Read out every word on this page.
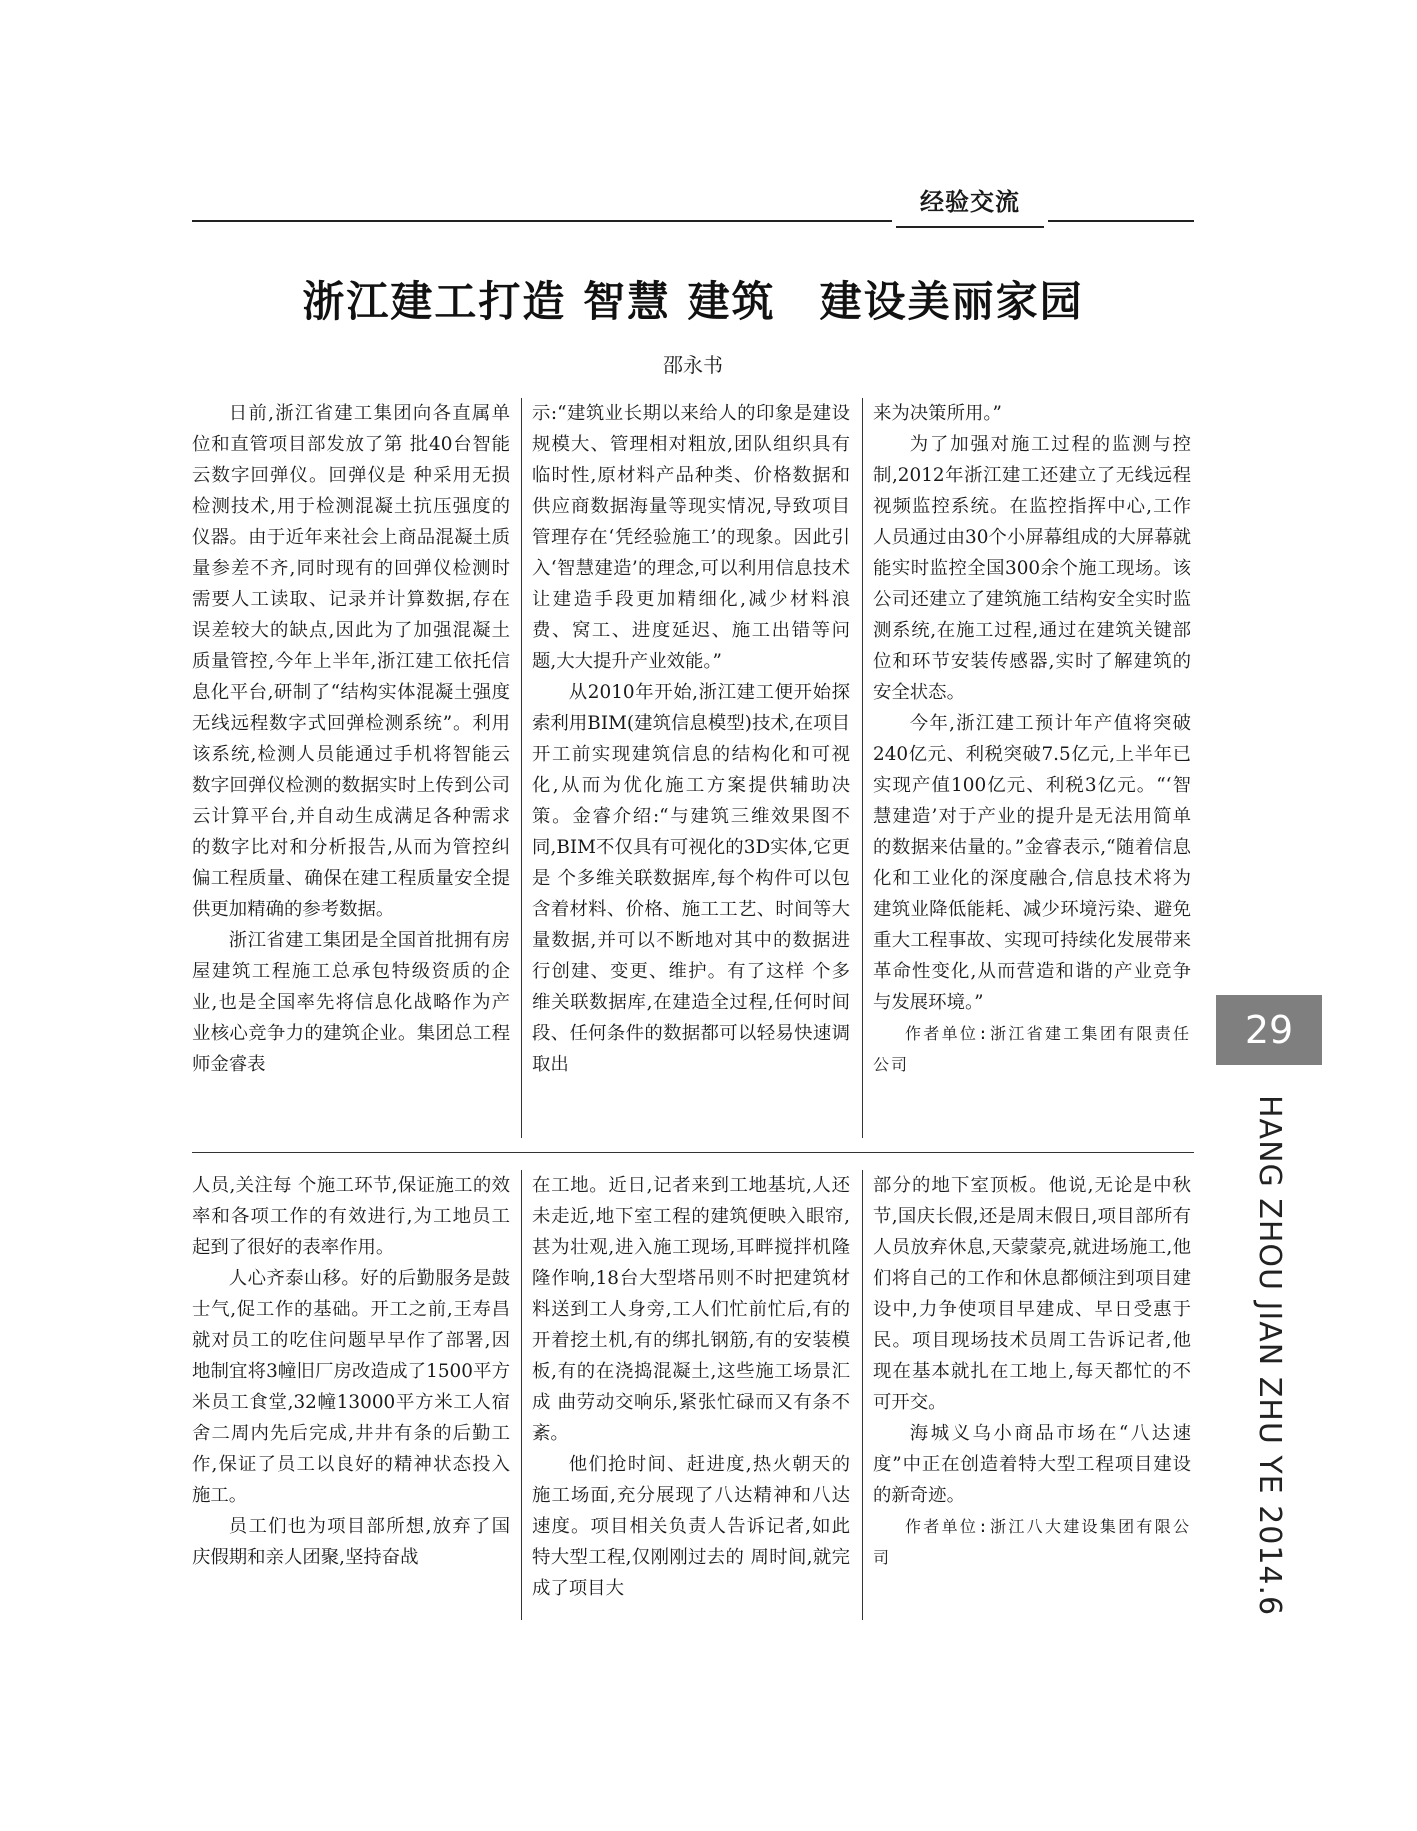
经验交流
浙江建工打造 智慧 建筑　建设美丽家园
邵永书

日前,浙江省建工集团向各直属单位和直管项目部发放了第 批40台智能云数字回弹仪。回弹仪是 种采用无损检测技术,用于检测混凝土抗压强度的仪器。由于近年来社会上商品混凝土质量参差不齐,同时现有的回弹仪检测时需要人工读取、记录并计算数据,存在误差较大的缺点,因此为了加强混凝土质量管控,今年上半年,浙江建工依托信息化平台,研制了“结构实体混凝土强度无线远程数字式回弹检测系统”。利用该系统,检测人员能通过手机将智能云数字回弹仪检测的数据实时上传到公司云计算平台,并自动生成满足各种需求的数字比对和分析报告,从而为管控纠偏工程质量、确保在建工程质量安全提供更加精确的参考数据。

浙江省建工集团是全国首批拥有房屋建筑工程施工总承包特级资质的企业,也是全国率先将信息化战略作为产业核心竞争力的建筑企业。集团总工程师金睿表

示:“建筑业长期以来给人的印象是建设规模大、管理相对粗放,团队组织具有临时性,原材料产品种类、价格数据和供应商数据海量等现实情况,导致项目管理存在‘凭经验施工’的现象。因此引入‘智慧建造’的理念,可以利用信息技术让建造手段更加精细化,减少材料浪费、窝工、进度延迟、施工出错等问题,大大提升产业效能。”

从2010年开始,浙江建工便开始探索利用BIM(建筑信息模型)技术,在项目开工前实现建筑信息的结构化和可视化,从而为优化施工方案提供辅助决策。金睿介绍:“与建筑三维效果图不同,BIM不仅具有可视化的3D实体,它更是 个多维关联数据库,每个构件可以包含着材料、价格、施工工艺、时间等大量数据,并可以不断地对其中的数据进行创建、变更、维护。有了这样 个多维关联数据库,在建造全过程,任何时间段、任何条件的数据都可以轻易快速调取出

来为决策所用。”

为了加强对施工过程的监测与控制,2012年浙江建工还建立了无线远程视频监控系统。在监控指挥中心,工作人员通过由30个小屏幕组成的大屏幕就能实时监控全国300余个施工现场。该公司还建立了建筑施工结构安全实时监测系统,在施工过程,通过在建筑关键部位和环节安装传感器,实时了解建筑的安全状态。

今年,浙江建工预计年产值将突破240亿元、利税突破7.5亿元,上半年已实现产值100亿元、利税3亿元。“‘智慧建造’对于产业的提升是无法用简单的数据来估量的。”金睿表示,“随着信息化和工业化的深度融合,信息技术将为建筑业降低能耗、减少环境污染、避免重大工程事故、实现可持续化发展带来革命性变化,从而营造和谐的产业竞争与发展环境。”

作者单位:浙江省建工集团有限责任公司

人员,关注每 个施工环节,保证施工的效率和各项工作的有效进行,为工地员工起到了很好的表率作用。

人心齐泰山移。好的后勤服务是鼓士气,促工作的基础。开工之前,王寿昌就对员工的吃住问题早早作了部署,因地制宜将3幢旧厂房改造成了1500平方米员工食堂,32幢13000平方米工人宿舍二周内先后完成,井井有条的后勤工作,保证了员工以良好的精神状态投入施工。

员工们也为项目部所想,放弃了国庆假期和亲人团聚,坚持奋战

在工地。近日,记者来到工地基坑,人还未走近,地下室工程的建筑便映入眼帘,甚为壮观,进入施工现场,耳畔搅拌机隆隆作响,18台大型塔吊则不时把建筑材料送到工人身旁,工人们忙前忙后,有的开着挖土机,有的绑扎钢筋,有的安装模板,有的在浇捣混凝土,这些施工场景汇成 曲劳动交响乐,紧张忙碌而又有条不紊。

他们抢时间、赶进度,热火朝天的施工场面,充分展现了八达精神和八达速度。项目相关负责人告诉记者,如此特大型工程,仅刚刚过去的 周时间,就完成了项目大

部分的地下室顶板。他说,无论是中秋节,国庆长假,还是周末假日,项目部所有人员放弃休息,天蒙蒙亮,就进场施工,他们将自己的工作和休息都倾注到项目建设中,力争使项目早建成、早日受惠于民。项目现场技术员周工告诉记者,他现在基本就扎在工地上,每天都忙的不可开交。

海城义乌小商品市场在“八达速度”中正在创造着特大型工程项目建设的新奇迹。

作者单位:浙江八大建设集团有限公司

29
HANG ZHOU JIAN ZHU YE 2014.6
